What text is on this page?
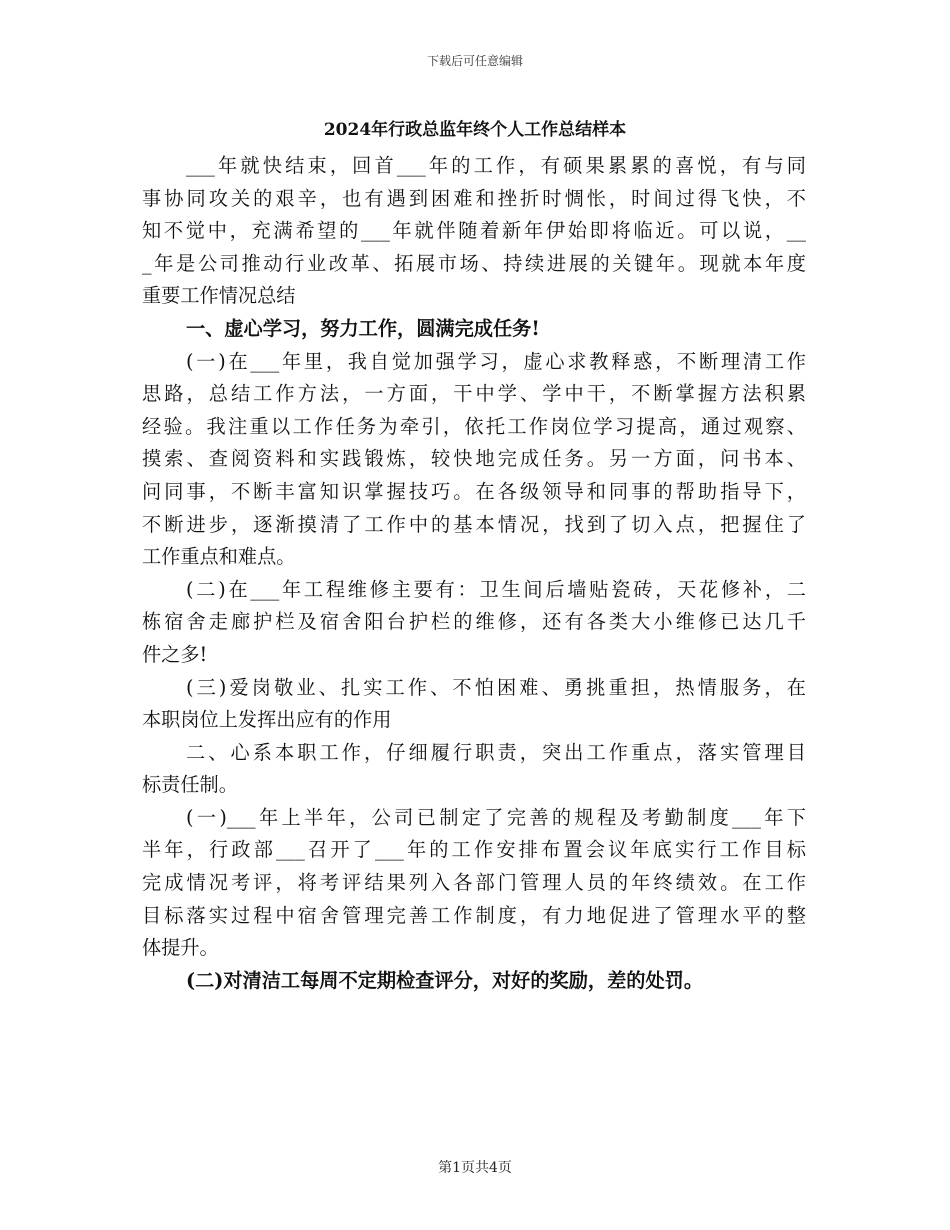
下载后可任意编辑
2024年行政总监年终个人工作总结样本
___年就快结束，回首___年的工作，有硕果累累的喜悦，有与同
事协同攻关的艰辛，也有遇到困难和挫折时惆怅，时间过得飞快，不
知不觉中，充满希望的___年就伴随着新年伊始即将临近。可以说，__
_年是公司推动行业改革、拓展市场、持续进展的关键年。现就本年度
重要工作情况总结
一、虚心学习，努力工作，圆满完成任务!
(一)在___年里，我自觉加强学习，虚心求教释惑，不断理清工作
思路，总结工作方法，一方面，干中学、学中干，不断掌握方法积累
经验。我注重以工作任务为牵引，依托工作岗位学习提高，通过观察、
摸索、查阅资料和实践锻炼，较快地完成任务。另一方面，问书本、
问同事，不断丰富知识掌握技巧。在各级领导和同事的帮助指导下，
不断进步，逐渐摸清了工作中的基本情况，找到了切入点，把握住了
工作重点和难点。
(二)在___年工程维修主要有：卫生间后墙贴瓷砖，天花修补，二
栋宿舍走廊护栏及宿舍阳台护栏的维修，还有各类大小维修已达几千
件之多!
(三)爱岗敬业、扎实工作、不怕困难、勇挑重担，热情服务，在
本职岗位上发挥出应有的作用
二、心系本职工作，仔细履行职责，突出工作重点，落实管理目
标责任制。
(一)___年上半年，公司已制定了完善的规程及考勤制度___年下
半年，行政部___召开了___年的工作安排布置会议年底实行工作目标
完成情况考评，将考评结果列入各部门管理人员的年终绩效。在工作
目标落实过程中宿舍管理完善工作制度，有力地促进了管理水平的整
体提升。
(二)对清洁工每周不定期检查评分，对好的奖励，差的处罚。
第1页共4页
